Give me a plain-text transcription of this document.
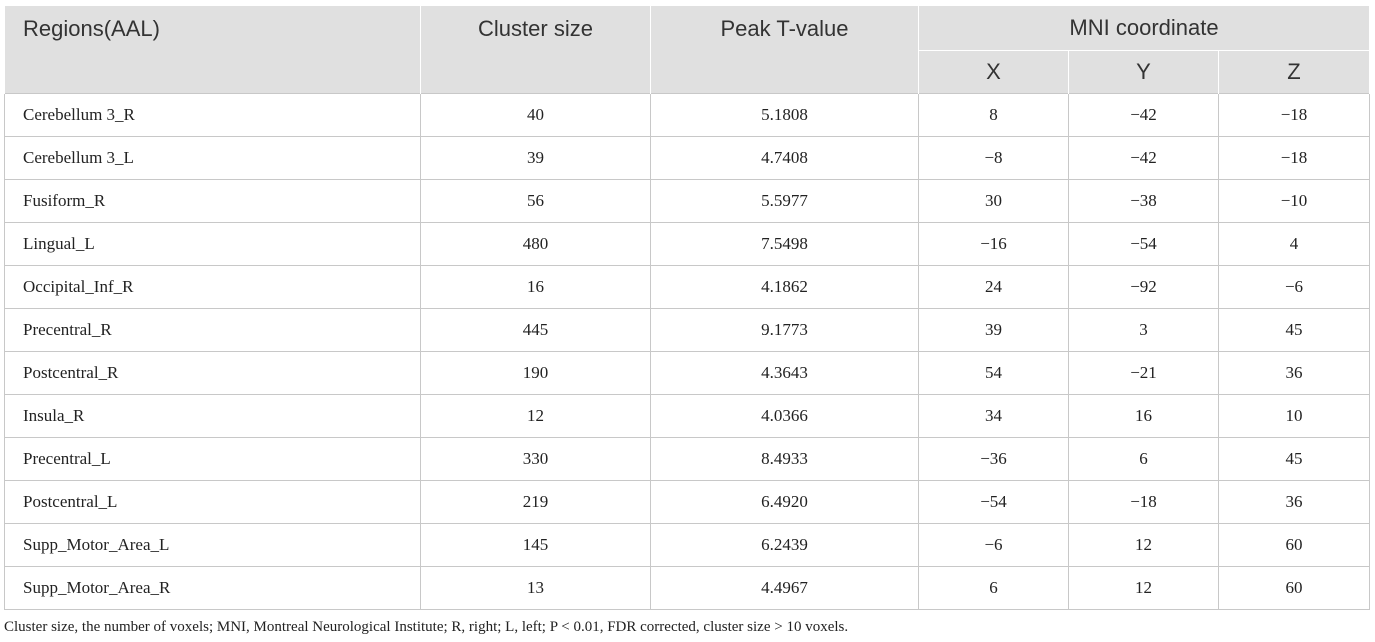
Regions(AAL)	Cluster size	Peak T-value	MNI coordinate		
			X	Y	Z
Cerebellum 3_R	40	5.1808	8	−42	−18
Cerebellum 3_L	39	4.7408	−8	−42	−18
Fusiform_R	56	5.5977	30	−38	−10
Lingual_L	480	7.5498	−16	−54	4
Occipital_Inf_R	16	4.1862	24	−92	−6
Precentral_R	445	9.1773	39	3	45
Postcentral_R	190	4.3643	54	−21	36
Insula_R	12	4.0366	34	16	10
Precentral_L	330	8.4933	−36	6	45
Postcentral_L	219	6.4920	−54	−18	36
Supp_Motor_Area_L	145	6.2439	−6	12	60
Supp_Motor_Area_R	13	4.4967	6	12	60
Cluster size, the number of voxels; MNI, Montreal Neurological Institute; R, right; L, left; P < 0.01, FDR corrected, cluster size > 10 voxels.
